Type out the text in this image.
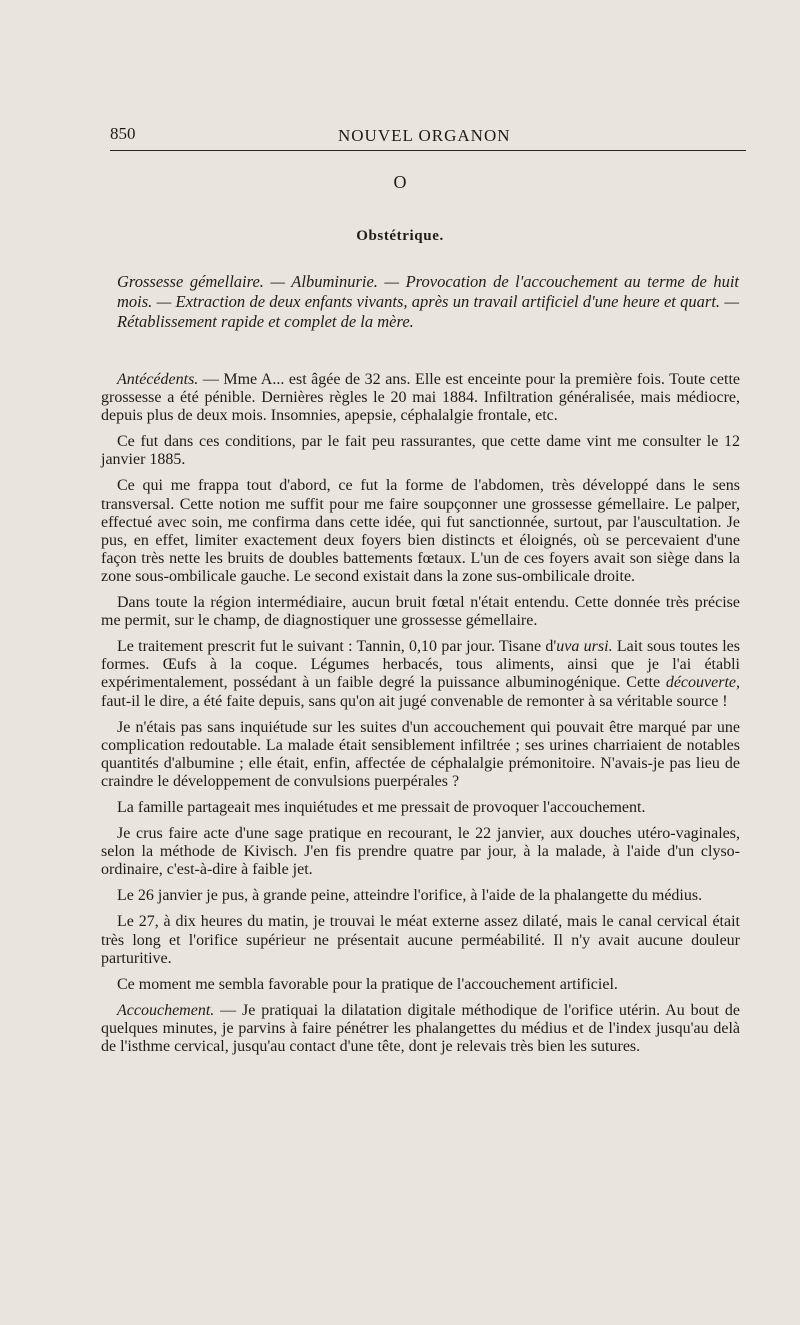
850	NOUVEL ORGANON
O
Obstétrique.
Grossesse gémellaire. — Albuminurie. — Provocation de l'accouchement au terme de huit mois. — Extraction de deux enfants vivants, après un travail artificiel d'une heure et quart. — Rétablissement rapide et complet de la mère.

Antécédents. — Mme A... est âgée de 32 ans. Elle est enceinte pour la première fois. Toute cette grossesse a été pénible. Dernières règles le 20 mai 1884. Infiltration généralisée, mais médiocre, depuis plus de deux mois. Insomnies, apepsie, céphalalgie frontale, etc.

Ce fut dans ces conditions, par le fait peu rassurantes, que cette dame vint me consulter le 12 janvier 1885.

Ce qui me frappa tout d'abord, ce fut la forme de l'abdomen, très développé dans le sens transversal. Cette notion me suffit pour me faire soupçonner une grossesse gémellaire. Le palper, effectué avec soin, me confirma dans cette idée, qui fut sanctionnée, surtout, par l'auscultation. Je pus, en effet, limiter exactement deux foyers bien distincts et éloignés, où se percevaient d'une façon très nette les bruits de doubles battements fœtaux. L'un de ces foyers avait son siège dans la zone sous-ombilicale gauche. Le second existait dans la zone sus-ombilicale droite.

Dans toute la région intermédiaire, aucun bruit fœtal n'était entendu. Cette donnée très précise me permit, sur le champ, de diagnostiquer une grossesse gémellaire.

Le traitement prescrit fut le suivant : Tannin, 0,10 par jour. Tisane d'uva ursi. Lait sous toutes les formes. Œufs à la coque. Légumes herbacés, tous aliments, ainsi que je l'ai établi expérimentalement, possédant à un faible degré la puissance albuminogénique. Cette découverte, faut-il le dire, a été faite depuis, sans qu'on ait jugé convenable de remonter à sa véritable source !

Je n'étais pas sans inquiétude sur les suites d'un accouchement qui pouvait être marqué par une complication redoutable. La malade était sensiblement infiltrée ; ses urines charriaient de notables quantités d'albumine ; elle était, enfin, affectée de céphalalgie prémonitoire. N'avais-je pas lieu de craindre le développement de convulsions puerpérales ?

La famille partageait mes inquiétudes et me pressait de provoquer l'accouchement.

Je crus faire acte d'une sage pratique en recourant, le 22 janvier, aux douches utéro-vaginales, selon la méthode de Kivisch. J'en fis prendre quatre par jour, à la malade, à l'aide d'un clyso-ordinaire, c'est-à-dire à faible jet.

Le 26 janvier je pus, à grande peine, atteindre l'orifice, à l'aide de la phalangette du médius.

Le 27, à dix heures du matin, je trouvai le méat externe assez dilaté, mais le canal cervical était très long et l'orifice supérieur ne présentait aucune perméabilité. Il n'y avait aucune douleur parturitive.

Ce moment me sembla favorable pour la pratique de l'accouchement artificiel.

Accouchement. — Je pratiquai la dilatation digitale méthodique de l'orifice utérin. Au bout de quelques minutes, je parvins à faire pénétrer les phalangettes du médius et de l'index jusqu'au delà de l'isthme cervical, jusqu'au contact d'une tête, dont je relevais très bien les sutures.
